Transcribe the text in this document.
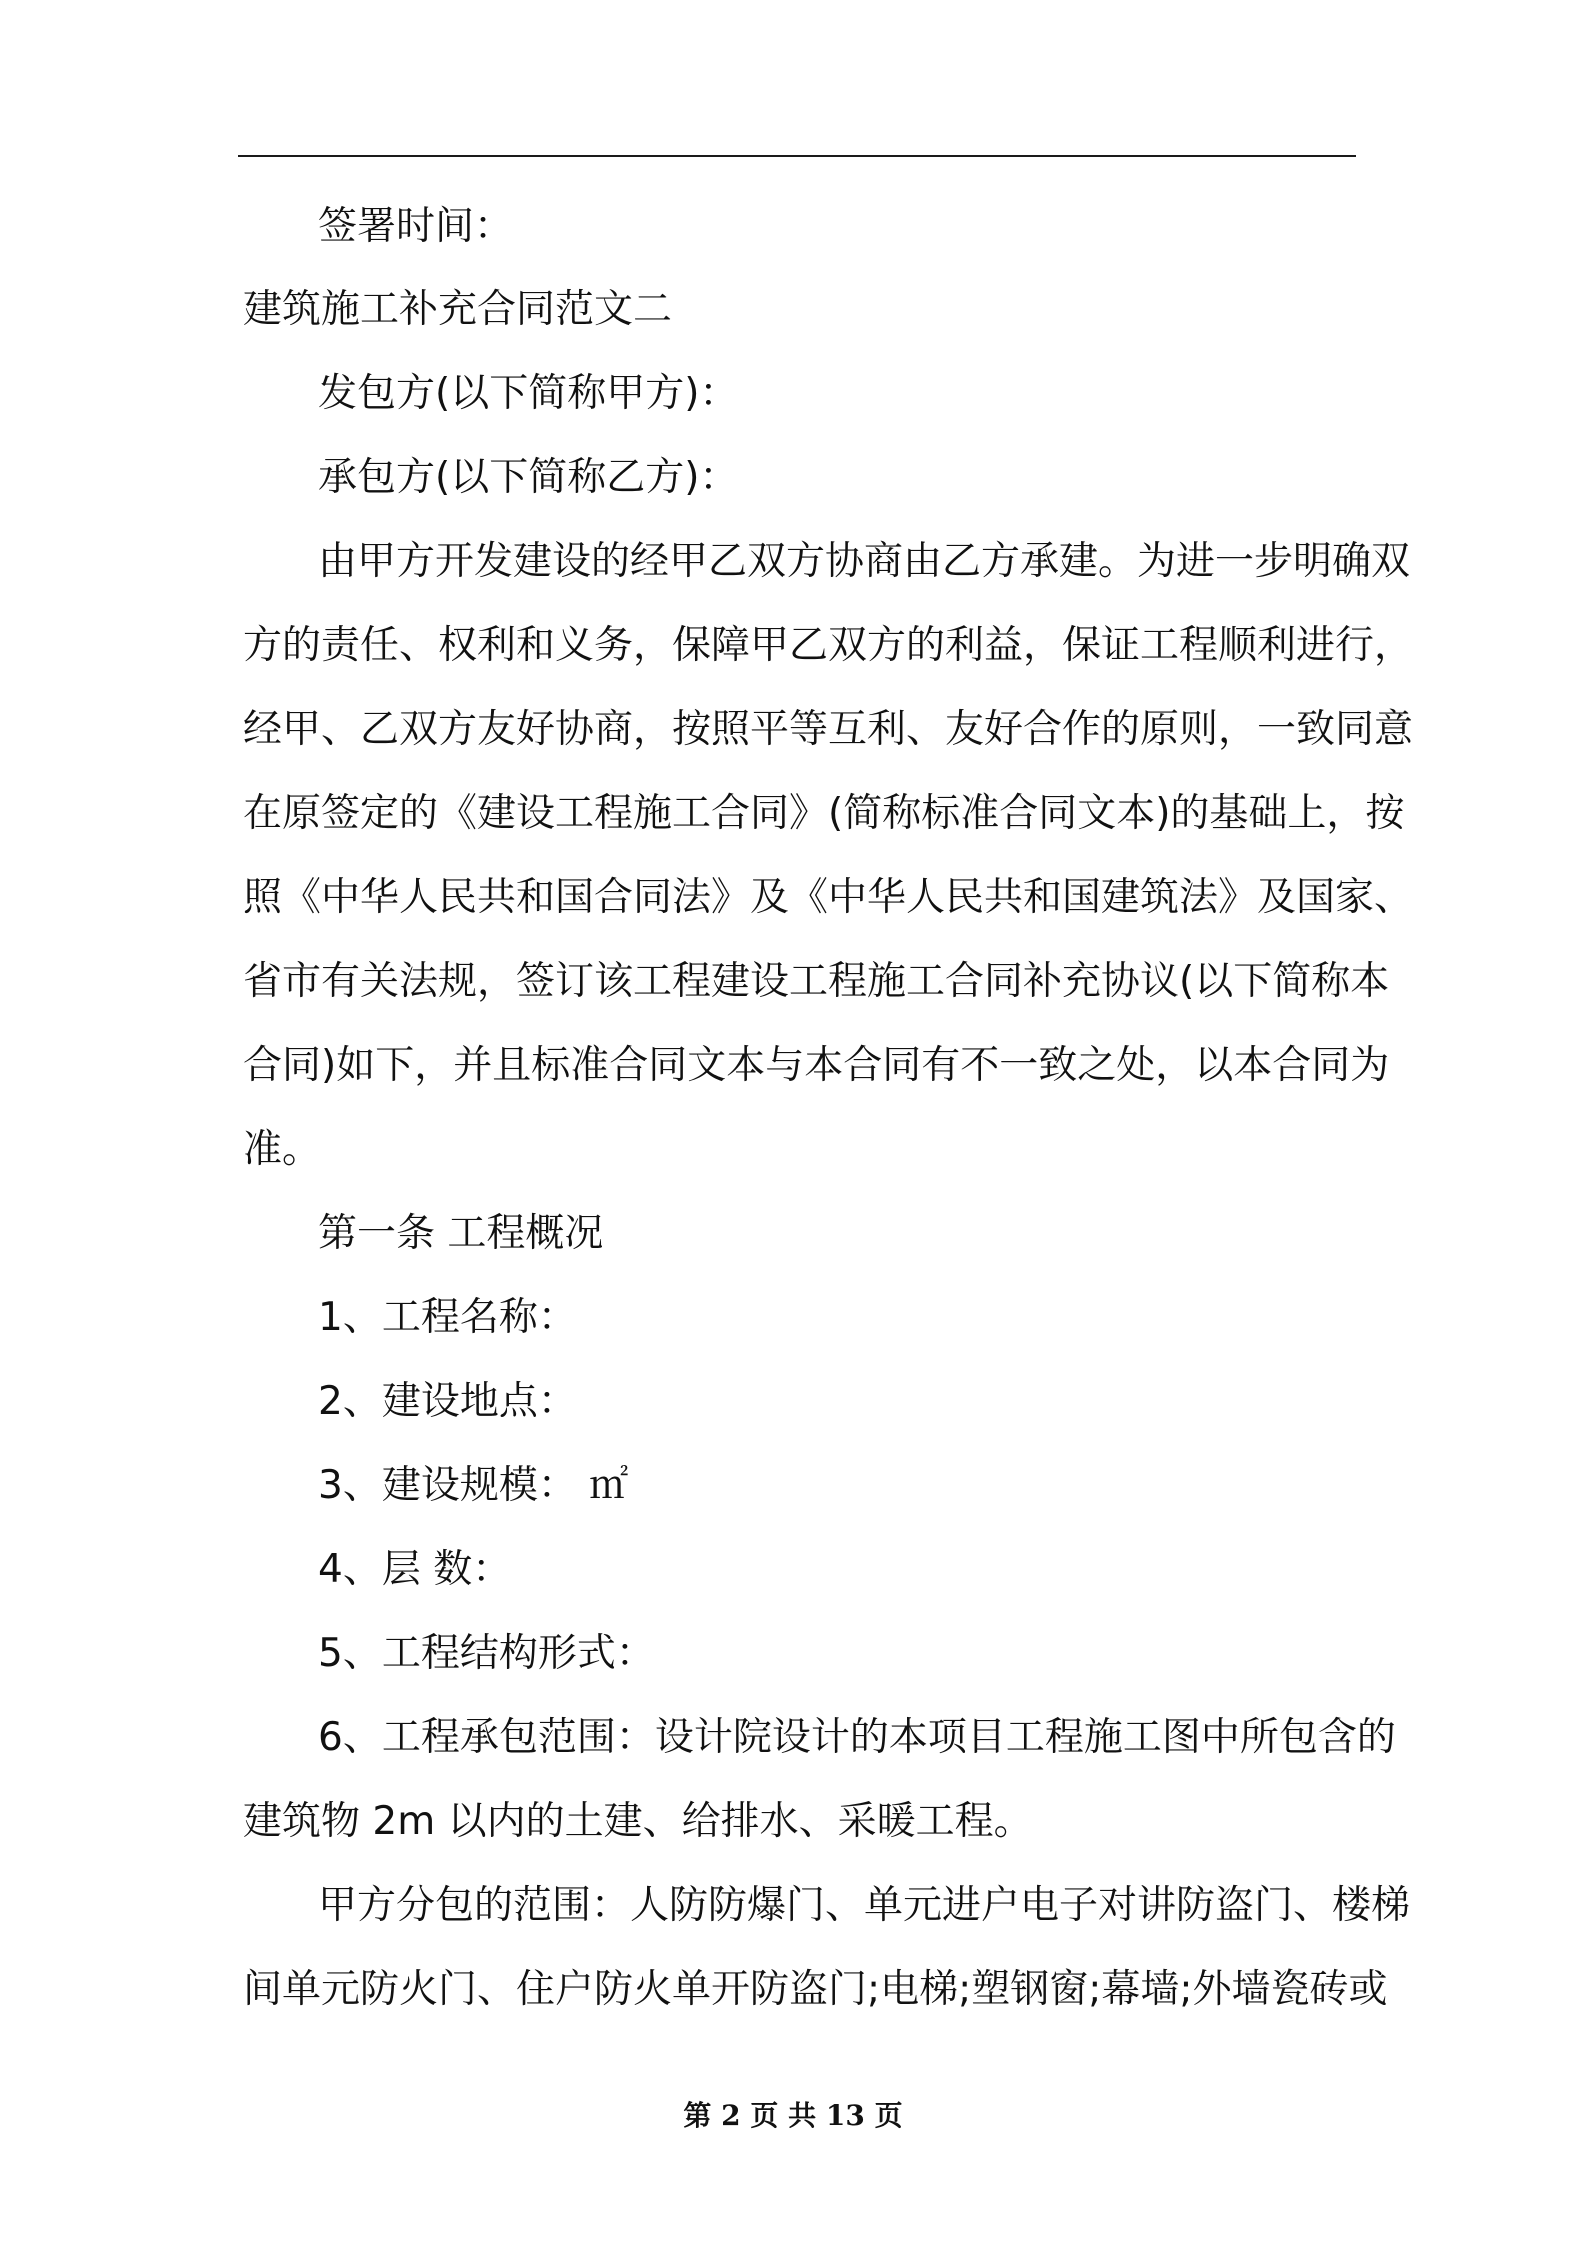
签署时间：
建筑施工补充合同范文二
发包方(以下简称甲方)：
承包方(以下简称乙方)：
由甲方开发建设的经甲乙双方协商由乙方承建。为进一步明确双
方的责任、权利和义务，保障甲乙双方的利益，保证工程顺利进行，
经甲、乙双方友好协商，按照平等互利、友好合作的原则，一致同意
在原签定的《建设工程施工合同》(简称标准合同文本)的基础上，按
照《中华人民共和国合同法》及《中华人民共和国建筑法》及国家、
省市有关法规，签订该工程建设工程施工合同补充协议(以下简称本
合同)如下，并且标准合同文本与本合同有不一致之处，以本合同为
准。
第一条 工程概况
1、工程名称：
2、建设地点：
3、建设规模： ㎡
4、层 数：
5、工程结构形式：
6、工程承包范围：设计院设计的本项目工程施工图中所包含的
建筑物 2m 以内的土建、给排水、采暖工程。
甲方分包的范围：人防防爆门、单元进户电子对讲防盗门、楼梯
间单元防火门、住户防火单开防盗门;电梯;塑钢窗;幕墙;外墙瓷砖或
第 2 页 共 13 页
